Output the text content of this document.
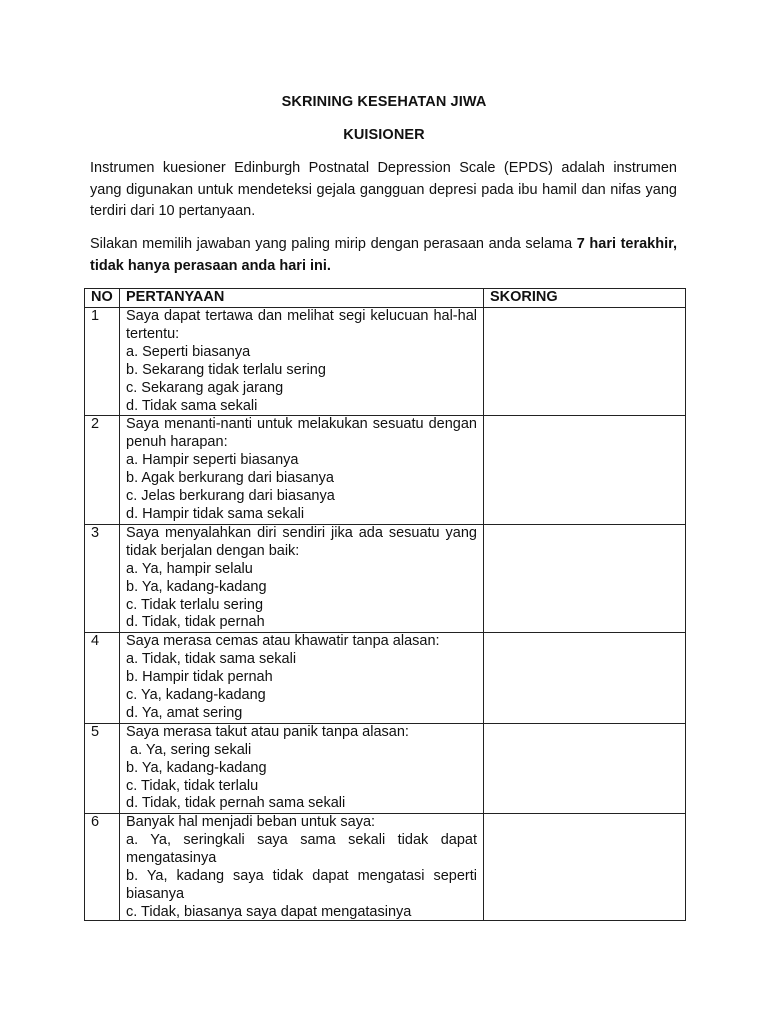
SKRINING KESEHATAN JIWA
KUISIONER
Instrumen kuesioner Edinburgh Postnatal Depression Scale (EPDS) adalah instrumen yang digunakan untuk mendeteksi gejala gangguan depresi pada ibu hamil dan nifas yang terdiri dari 10 pertanyaan.
Silakan memilih jawaban yang paling mirip dengan perasaan anda selama 7 hari terakhir, tidak hanya perasaan anda hari ini.
NO	PERTANYAAN	SKORING
1	Saya dapat tertawa dan melihat segi kelucuan hal-hal tertentu:
a. Seperti biasanya
b. Sekarang tidak terlalu sering
c. Sekarang agak jarang
d. Tidak sama sekali	

2	Saya menanti-nanti untuk melakukan sesuatu dengan penuh harapan:
a. Hampir seperti biasanya
b. Agak berkurang dari biasanya
c. Jelas berkurang dari biasanya
d. Hampir tidak sama sekali	

3	Saya menyalahkan diri sendiri jika ada sesuatu yang tidak berjalan dengan baik:
a. Ya, hampir selalu
b. Ya, kadang-kadang
c. Tidak terlalu sering
d. Tidak, tidak pernah	

4	Saya merasa cemas atau khawatir tanpa alasan:
a. Tidak, tidak sama sekali
b. Hampir tidak pernah
c. Ya, kadang-kadang
d. Ya, amat sering	

5	Saya merasa takut atau panik tanpa alasan:
a. Ya, sering sekali
b. Ya, kadang-kadang
c. Tidak, tidak terlalu
d. Tidak, tidak pernah sama sekali	

6	Banyak hal menjadi beban untuk saya:
a. Ya, seringkali saya sama sekali tidak dapat mengatasinya
b. Ya, kadang saya tidak dapat mengatasi seperti biasanya
c. Tidak, biasanya saya dapat mengatasinya	
